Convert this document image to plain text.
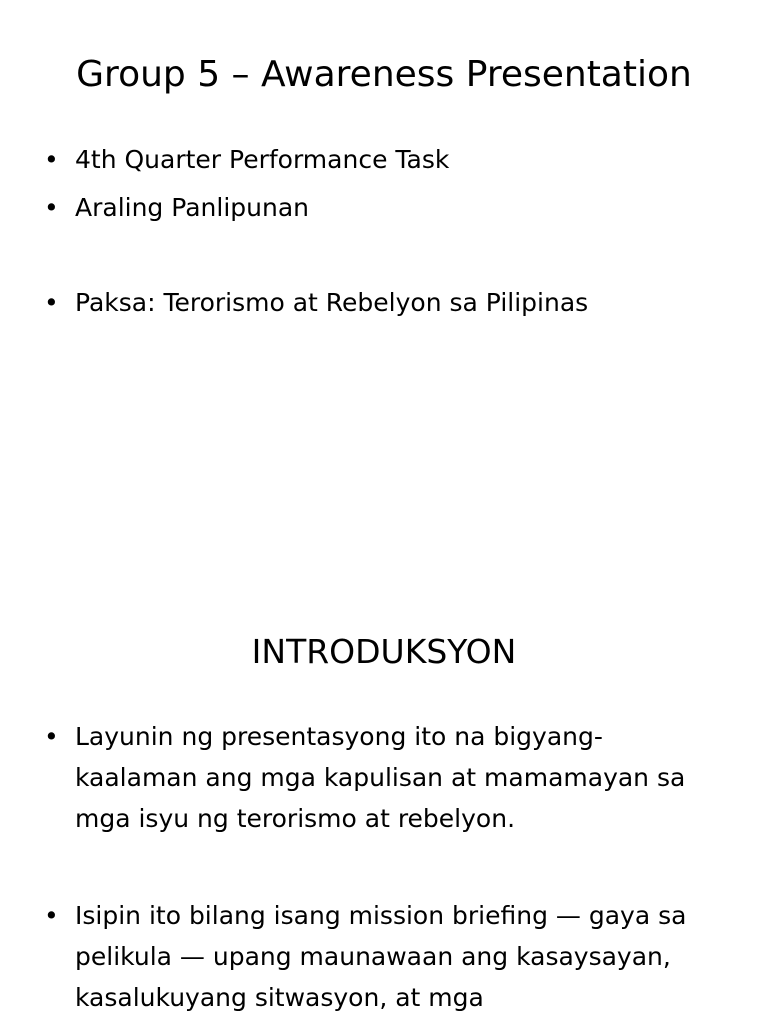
Group 5 – Awareness Presentation
• 4th Quarter Performance Task
• Araling Panlipunan
• Paksa: Terorismo at Rebelyon sa Pilipinas
INTRODUKSYON
• Layunin ng presentasyong ito na bigyang-kaalaman ang mga kapulisan at mamamayan sa mga isyu ng terorismo at rebelyon.
• Isipin ito bilang isang mission briefing — gaya sa pelikula — upang maunawaan ang kasaysayan, kasalukuyang sitwasyon, at mga
